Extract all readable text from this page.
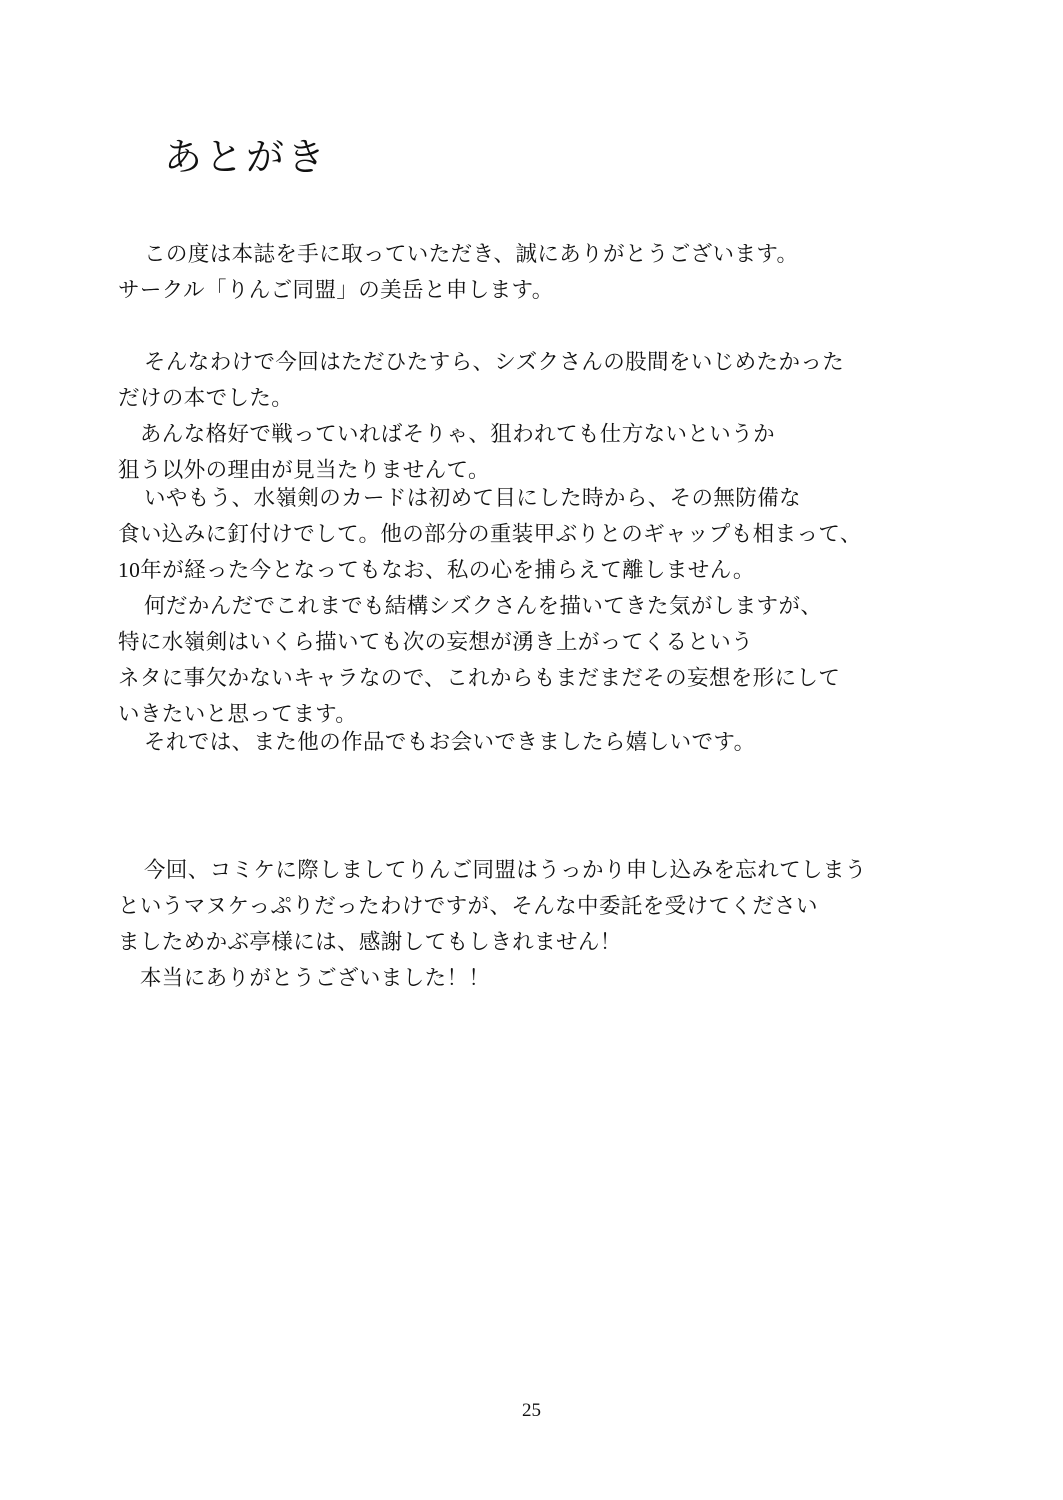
あとがき

この度は本誌を手に取っていただき、誠にありがとうございます。

サークル「りんご同盟」の美岳と申します。

そんなわけで今回はただひたすら、シズクさんの股間をいじめたかった

だけの本でした。

　あんな格好で戦っていればそりゃ、狙われても仕方ないというか

狙う以外の理由が見当たりませんて。

いやもう、水嶺剣のカードは初めて目にした時から、その無防備な

食い込みに釘付けでして。他の部分の重装甲ぶりとのギャップも相まって、

10年が経った今となってもなお、私の心を捕らえて離しません。

何だかんだでこれまでも結構シズクさんを描いてきた気がしますが、

特に水嶺剣はいくら描いても次の妄想が湧き上がってくるという

ネタに事欠かないキャラなので、これからもまだまだその妄想を形にして

いきたいと思ってます。

それでは、また他の作品でもお会いできましたら嬉しいです。

今回、コミケに際しましてりんご同盟はうっかり申し込みを忘れてしまう

というマヌケっぷりだったわけですが、そんな中委託を受けてください

ましためかぶ亭様には、感謝してもしきれません！

　本当にありがとうございました！！

25
